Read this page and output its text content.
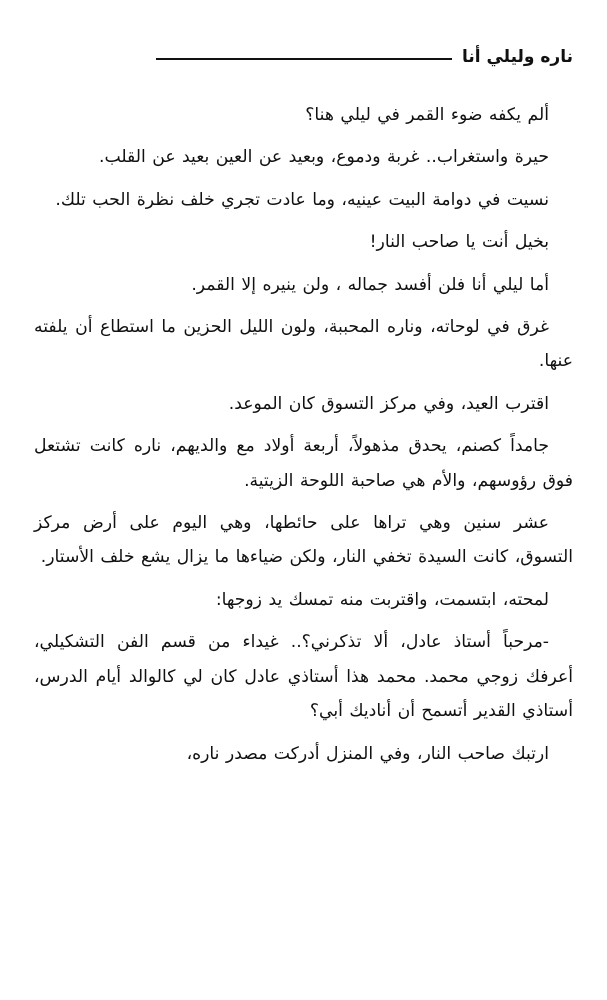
ناره وليلي أنا

ألم يكفه ضوء القمر في ليلي هنا؟

حيرة واستغراب.. غربة ودموع، وبعيد عن العين بعيد عن القلب.

نسيت في دوامة البيت عينيه، وما عادت تجري خلف نظرة الحب تلك.

بخيل أنت يا صاحب النار!

أما ليلي أنا فلن أفسد جماله ، ولن ينيره إلا القمر.

غرق في لوحاته، وناره المحببة، ولون الليل الحزين ما استطاع أن يلفته عنها.

اقترب العيد، وفي مركز التسوق كان الموعد.

جامداً كصنم، يحدق مذهولاً، أربعة أولاد مع والديهم، ناره كانت تشتعل فوق رؤوسهم، والأم هي صاحبة اللوحة الزيتية.

عشر سنين وهي تراها على حائطها، وهي اليوم على أرض مركز التسوق، كانت السيدة تخفي النار، ولكن ضياءها ما يزال يشع خلف الأستار.

لمحته، ابتسمت، واقتربت منه تمسك يد زوجها:

-مرحباً أستاذ عادل، ألا تذكرني؟.. غيداء من قسم الفن التشكيلي، أعرفك زوجي محمد. محمد هذا أستاذي عادل كان لي كالوالد أيام الدرس، أستاذي القدير أتسمح أن أناديك أبي؟

ارتبك صاحب النار، وفي المنزل أدركت مصدر ناره،
